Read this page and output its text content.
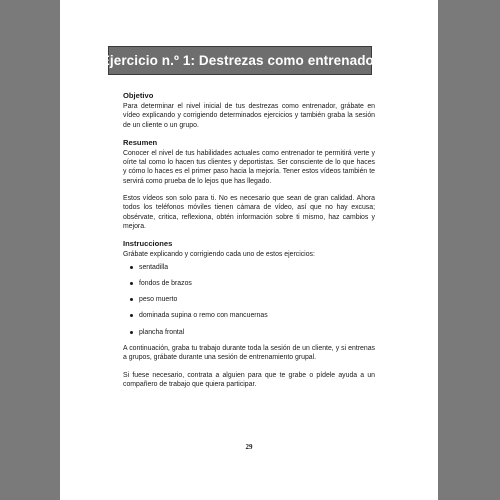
Ejercicio n.º 1: Destrezas como entrenador
Objetivo

Para determinar el nivel inicial de tus destrezas como entrenador, grábate en vídeo explicando y corrigiendo determinados ejercicios y también graba la sesión de un cliente o un grupo.

Resumen

Conocer el nivel de tus habilidades actuales como entrenador te permitirá verte y oírte tal como lo hacen tus clientes y deportistas. Ser consciente de lo que haces y cómo lo haces es el primer paso hacia la mejoría. Tener estos vídeos también te servirá como prueba de lo lejos que has llegado.

Estos vídeos son solo para ti. No es necesario que sean de gran calidad. Ahora todos los teléfonos móviles tienen cámara de vídeo, así que no hay excusa; obsérvate, critica, reflexiona, obtén información sobre ti mismo, haz cambios y mejora.

Instrucciones

Grábate explicando y corrigiendo cada uno de estos ejercicios:

sentadilla
fondos de brazos
peso muerto
dominada supina o remo con mancuernas
plancha frontal

A continuación, graba tu trabajo durante toda la sesión de un cliente, y si entrenas a grupos, grábate durante una sesión de entrenamiento grupal.

Si fuese necesario, contrata a alguien para que te grabe o pídele ayuda a un compañero de trabajo que quiera participar.

29
